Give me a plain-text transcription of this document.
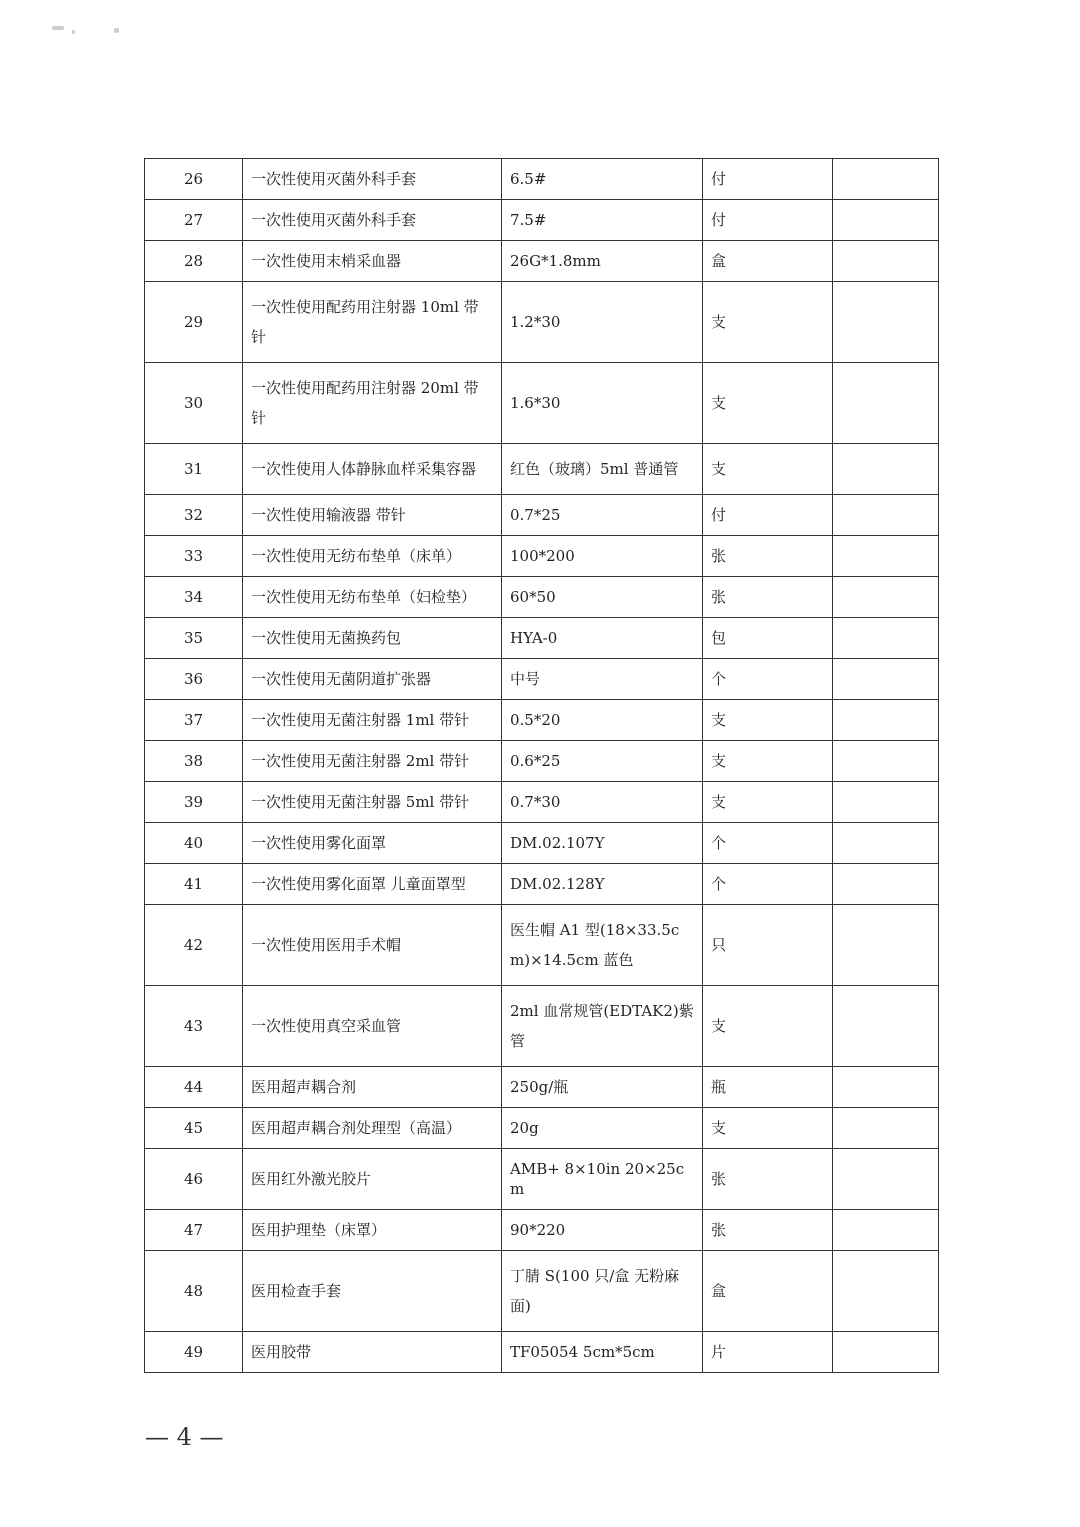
26	一次性使用灭菌外科手套	6.5#	付	
27	一次性使用灭菌外科手套	7.5#	付	
28	一次性使用末梢采血器	26G*1.8mm	盒	
29	一次性使用配药用注射器 10ml 带针	1.2*30	支	
30	一次性使用配药用注射器 20ml 带针	1.6*30	支	
31	一次性使用人体静脉血样采集容器	红色（玻璃）5ml 普通管	支	
32	一次性使用输液器 带针	0.7*25	付	
33	一次性使用无纺布垫单（床单）	100*200	张	
34	一次性使用无纺布垫单（妇检垫）	60*50	张	
35	一次性使用无菌换药包	HYA-0	包	
36	一次性使用无菌阴道扩张器	中号	个	
37	一次性使用无菌注射器 1ml 带针	0.5*20	支	
38	一次性使用无菌注射器 2ml 带针	0.6*25	支	
39	一次性使用无菌注射器 5ml 带针	0.7*30	支	
40	一次性使用雾化面罩	DM.02.107Y	个	
41	一次性使用雾化面罩 儿童面罩型	DM.02.128Y	个	
42	一次性使用医用手术帽	医生帽 A1 型(18×33.5cm)×14.5cm 蓝色	只	
43	一次性使用真空采血管	2ml 血常规管(EDTAK2)紫管	支	
44	医用超声耦合剂	250g/瓶	瓶	
45	医用超声耦合剂处理型（高温）	20g	支	
46	医用红外激光胶片	AMB+ 8×10in 20×25cm	张	
47	医用护理垫（床罩）	90*220	张	
48	医用检查手套	丁腈 S(100 只/盒 无粉麻面)	盒	
49	医用胶带	TF05054 5cm*5cm	片	
— 4 —
